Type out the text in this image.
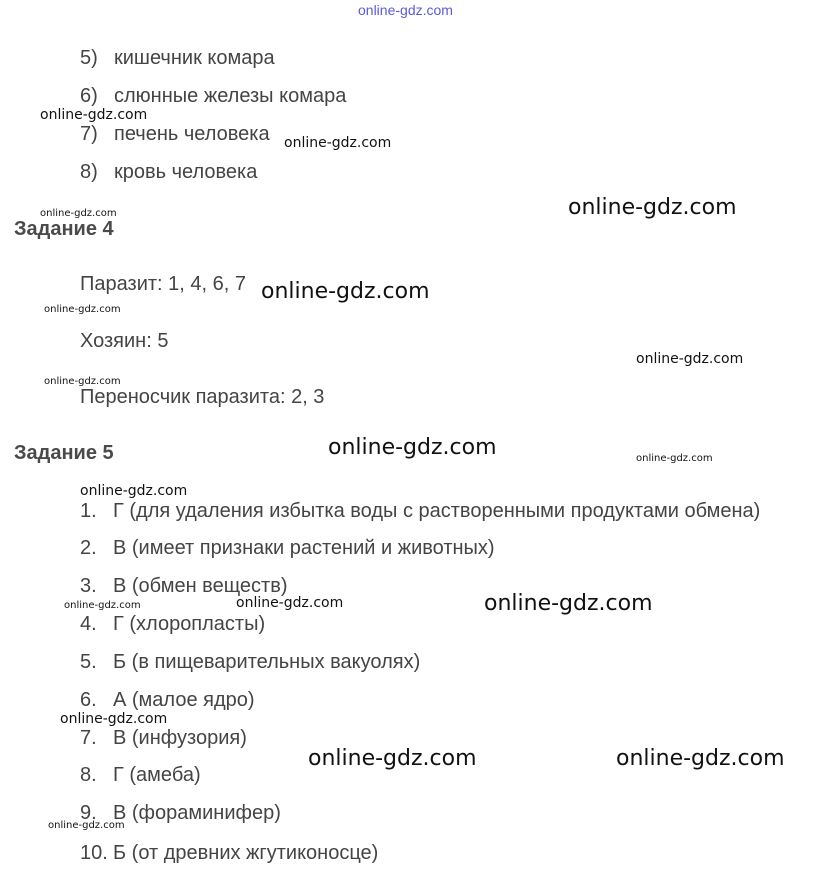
online-gdz.com
5) кишечник комара
6) слюнные железы комара
7) печень человека
8) кровь человека
Задание 4
Паразит: 1, 4, 6, 7
Хозяин: 5
Переносчик паразита: 2, 3
Задание 5
1. Г (для удаления избытка воды с растворенными продуктами обмена)
2. В (имеет признаки растений и животных)
3. В (обмен веществ)
4. Г (хлоропласты)
5. Б (в пищеварительных вакуолях)
6. А (малое ядро)
7. В (инфузория)
8. Г (амеба)
9. В (фораминифер)
10. Б (от древних жгутиконосце)
online-gdz.com
online-gdz.com
online-gdz.com
online-gdz.com
online-gdz.com
online-gdz.com
online-gdz.com
online-gdz.com
online-gdz.com	online-gdz.com
online-gdz.com
online-gdz.com
online-gdz.com
online-gdz.com
online-gdz.com
online-gdz.com	online-gdz.com
online-gdz.com
